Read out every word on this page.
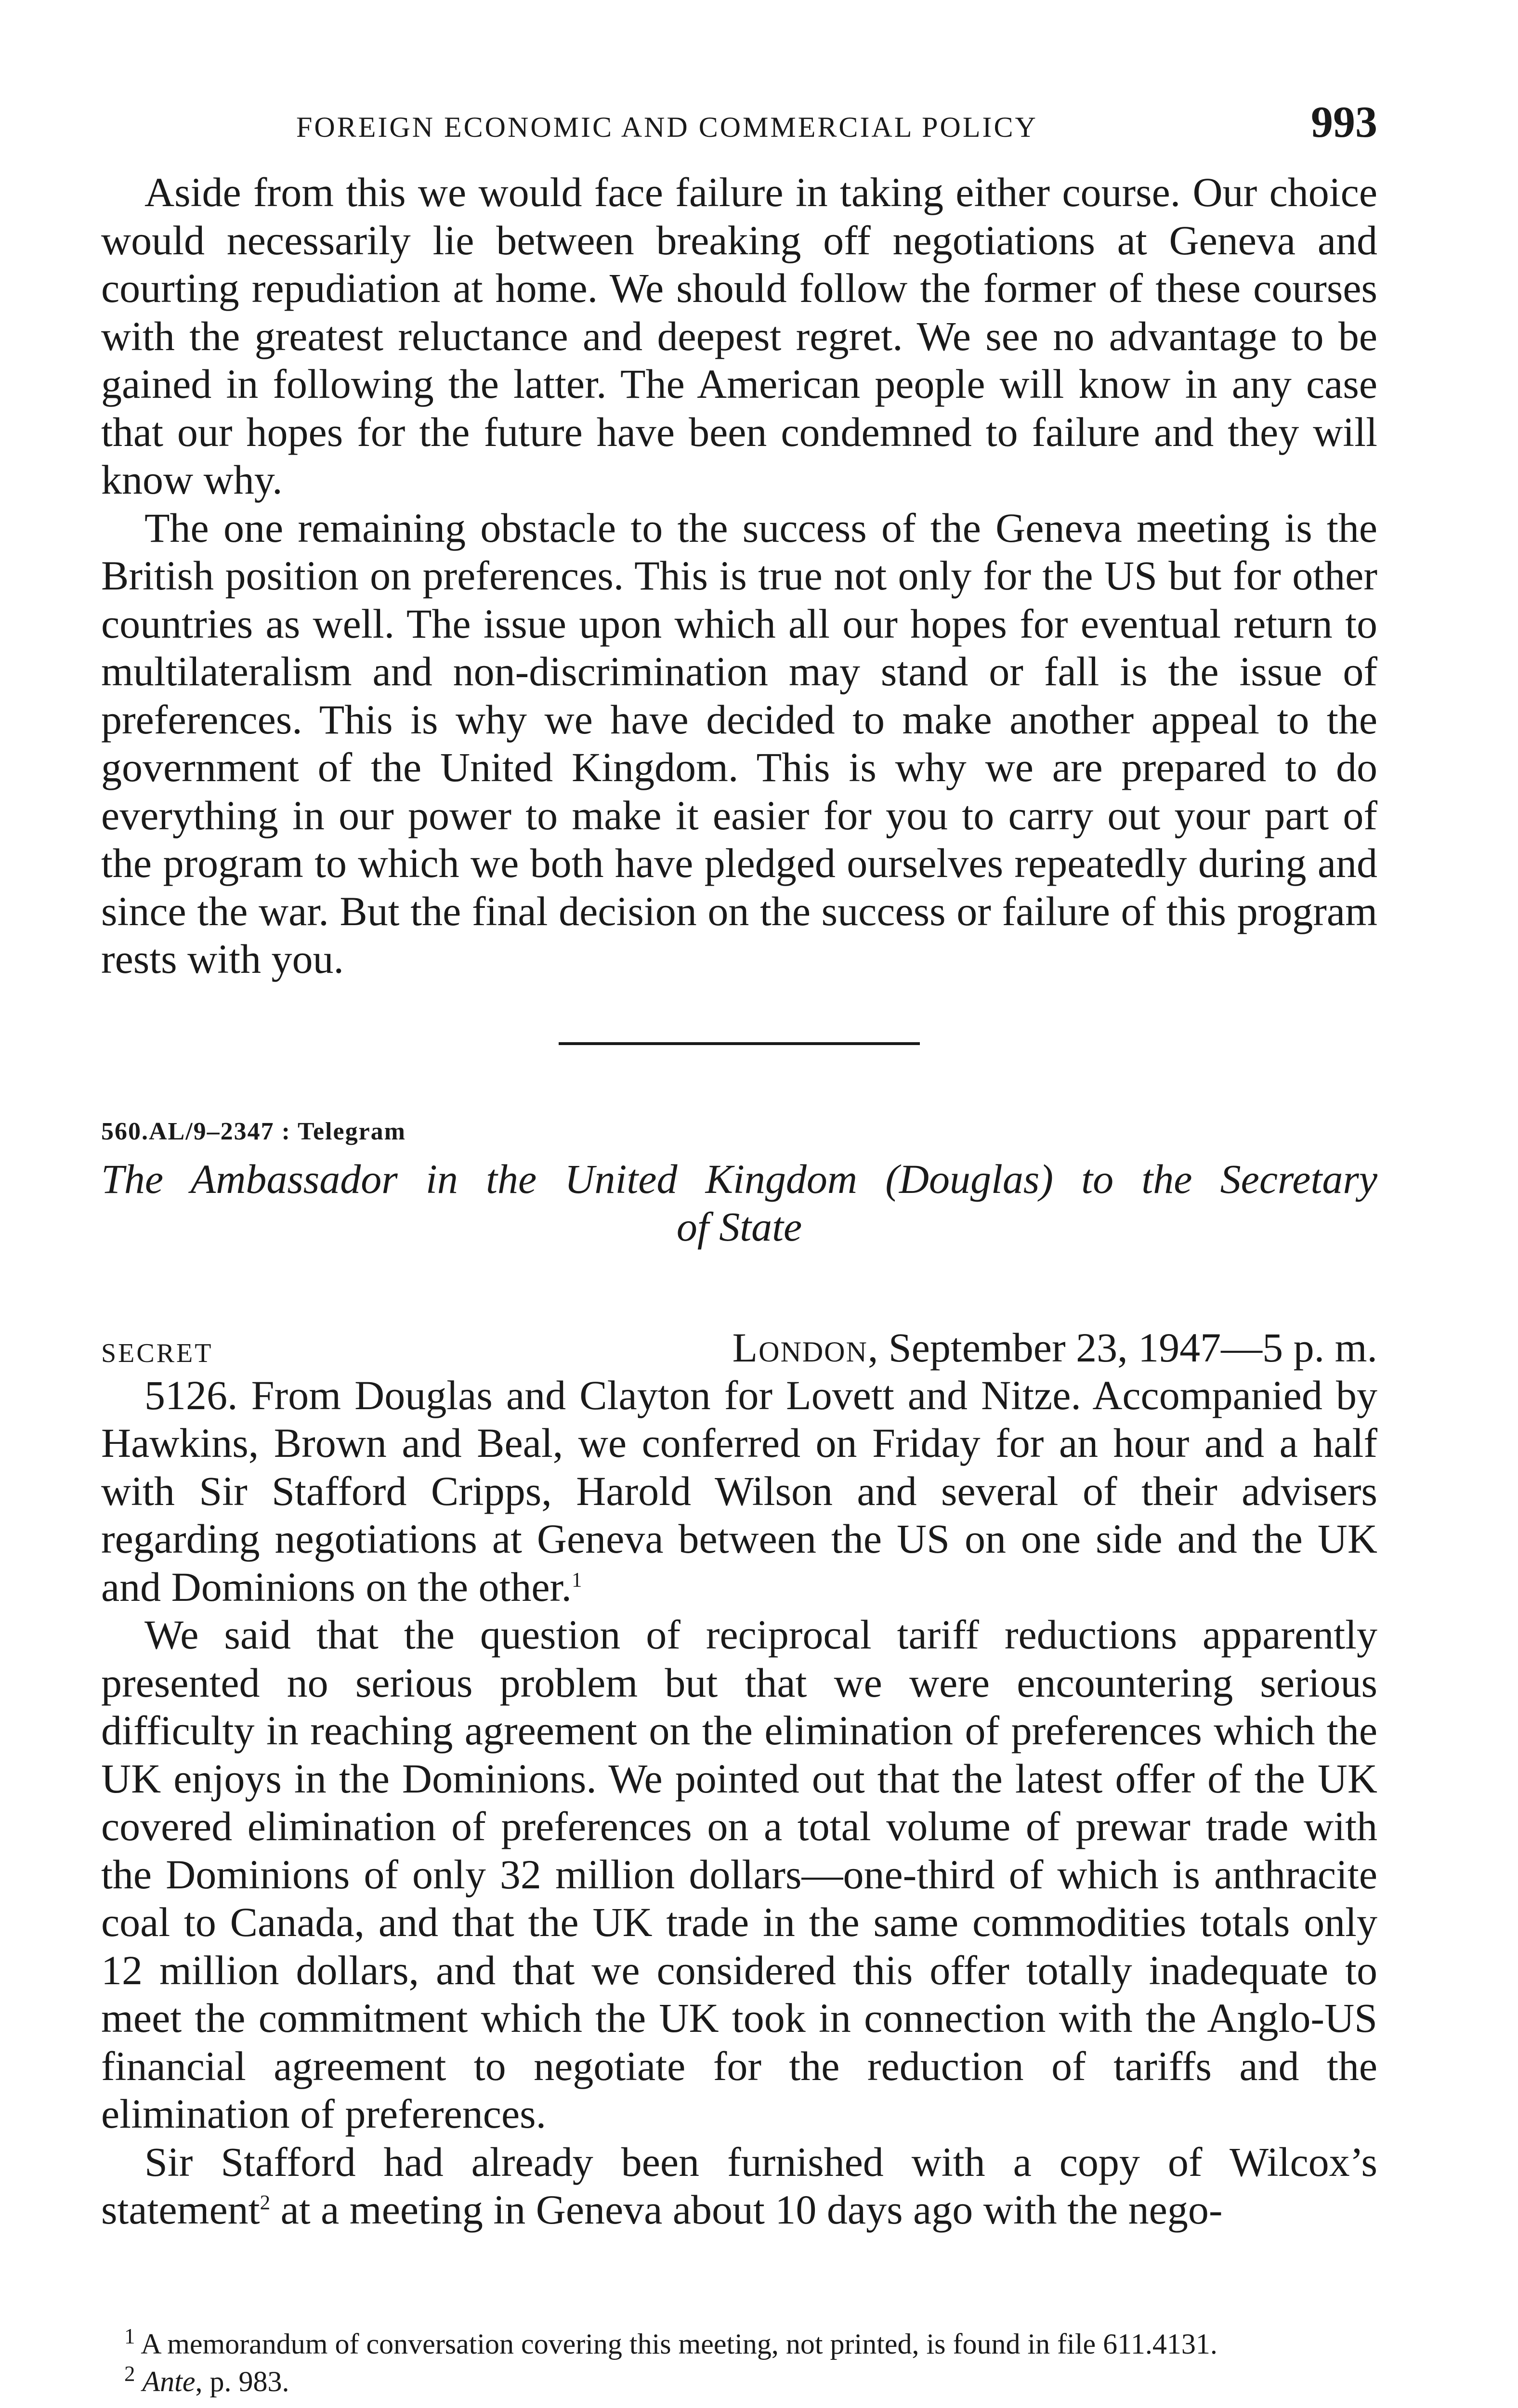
FOREIGN ECONOMIC AND COMMERCIAL POLICY	993

Aside from this we would face failure in taking either course. Our choice would necessarily lie between breaking off negotiations at Geneva and courting repudiation at home. We should follow the former of these courses with the greatest reluctance and deepest regret. We see no advantage to be gained in following the latter. The American people will know in any case that our hopes for the future have been condemned to failure and they will know why.

The one remaining obstacle to the success of the Geneva meeting is the British position on preferences. This is true not only for the US but for other countries as well. The issue upon which all our hopes for eventual return to multilateralism and non-discrimination may stand or fall is the issue of preferences. This is why we have decided to make another appeal to the government of the United Kingdom. This is why we are prepared to do everything in our power to make it easier for you to carry out your part of the program to which we both have pledged ourselves repeatedly during and since the war. But the final decision on the success or failure of this program rests with you.

560.AL/9–2347 : Telegram
The Ambassador in the United Kingdom (Douglas) to the Secretary
of State
SECRET	London, September 23, 1947—5 p. m.

5126. From Douglas and Clayton for Lovett and Nitze. Accompanied by Hawkins, Brown and Beal, we conferred on Friday for an hour and a half with Sir Stafford Cripps, Harold Wilson and several of their advisers regarding negotiations at Geneva between the US on one side and the UK and Dominions on the other.$^1$

We said that the question of reciprocal tariff reductions apparently presented no serious problem but that we were encountering serious difficulty in reaching agreement on the elimination of preferences which the UK enjoys in the Dominions. We pointed out that the latest offer of the UK covered elimination of preferences on a total volume of prewar trade with the Dominions of only 32 million dollars—one-third of which is anthracite coal to Canada, and that the UK trade in the same commodities totals only 12 million dollars, and that we considered this offer totally inadequate to meet the commitment which the UK took in connection with the Anglo-US financial agreement to negotiate for the reduction of tariffs and the elimination of preferences.

Sir Stafford had already been furnished with a copy of Wilcox’s statement$^2$ at a meeting in Geneva about 10 days ago with the nego-

$^1$ A memorandum of conversation covering this meeting, not printed, is found in file 611.4131.

$^2$ Ante, p. 983.
